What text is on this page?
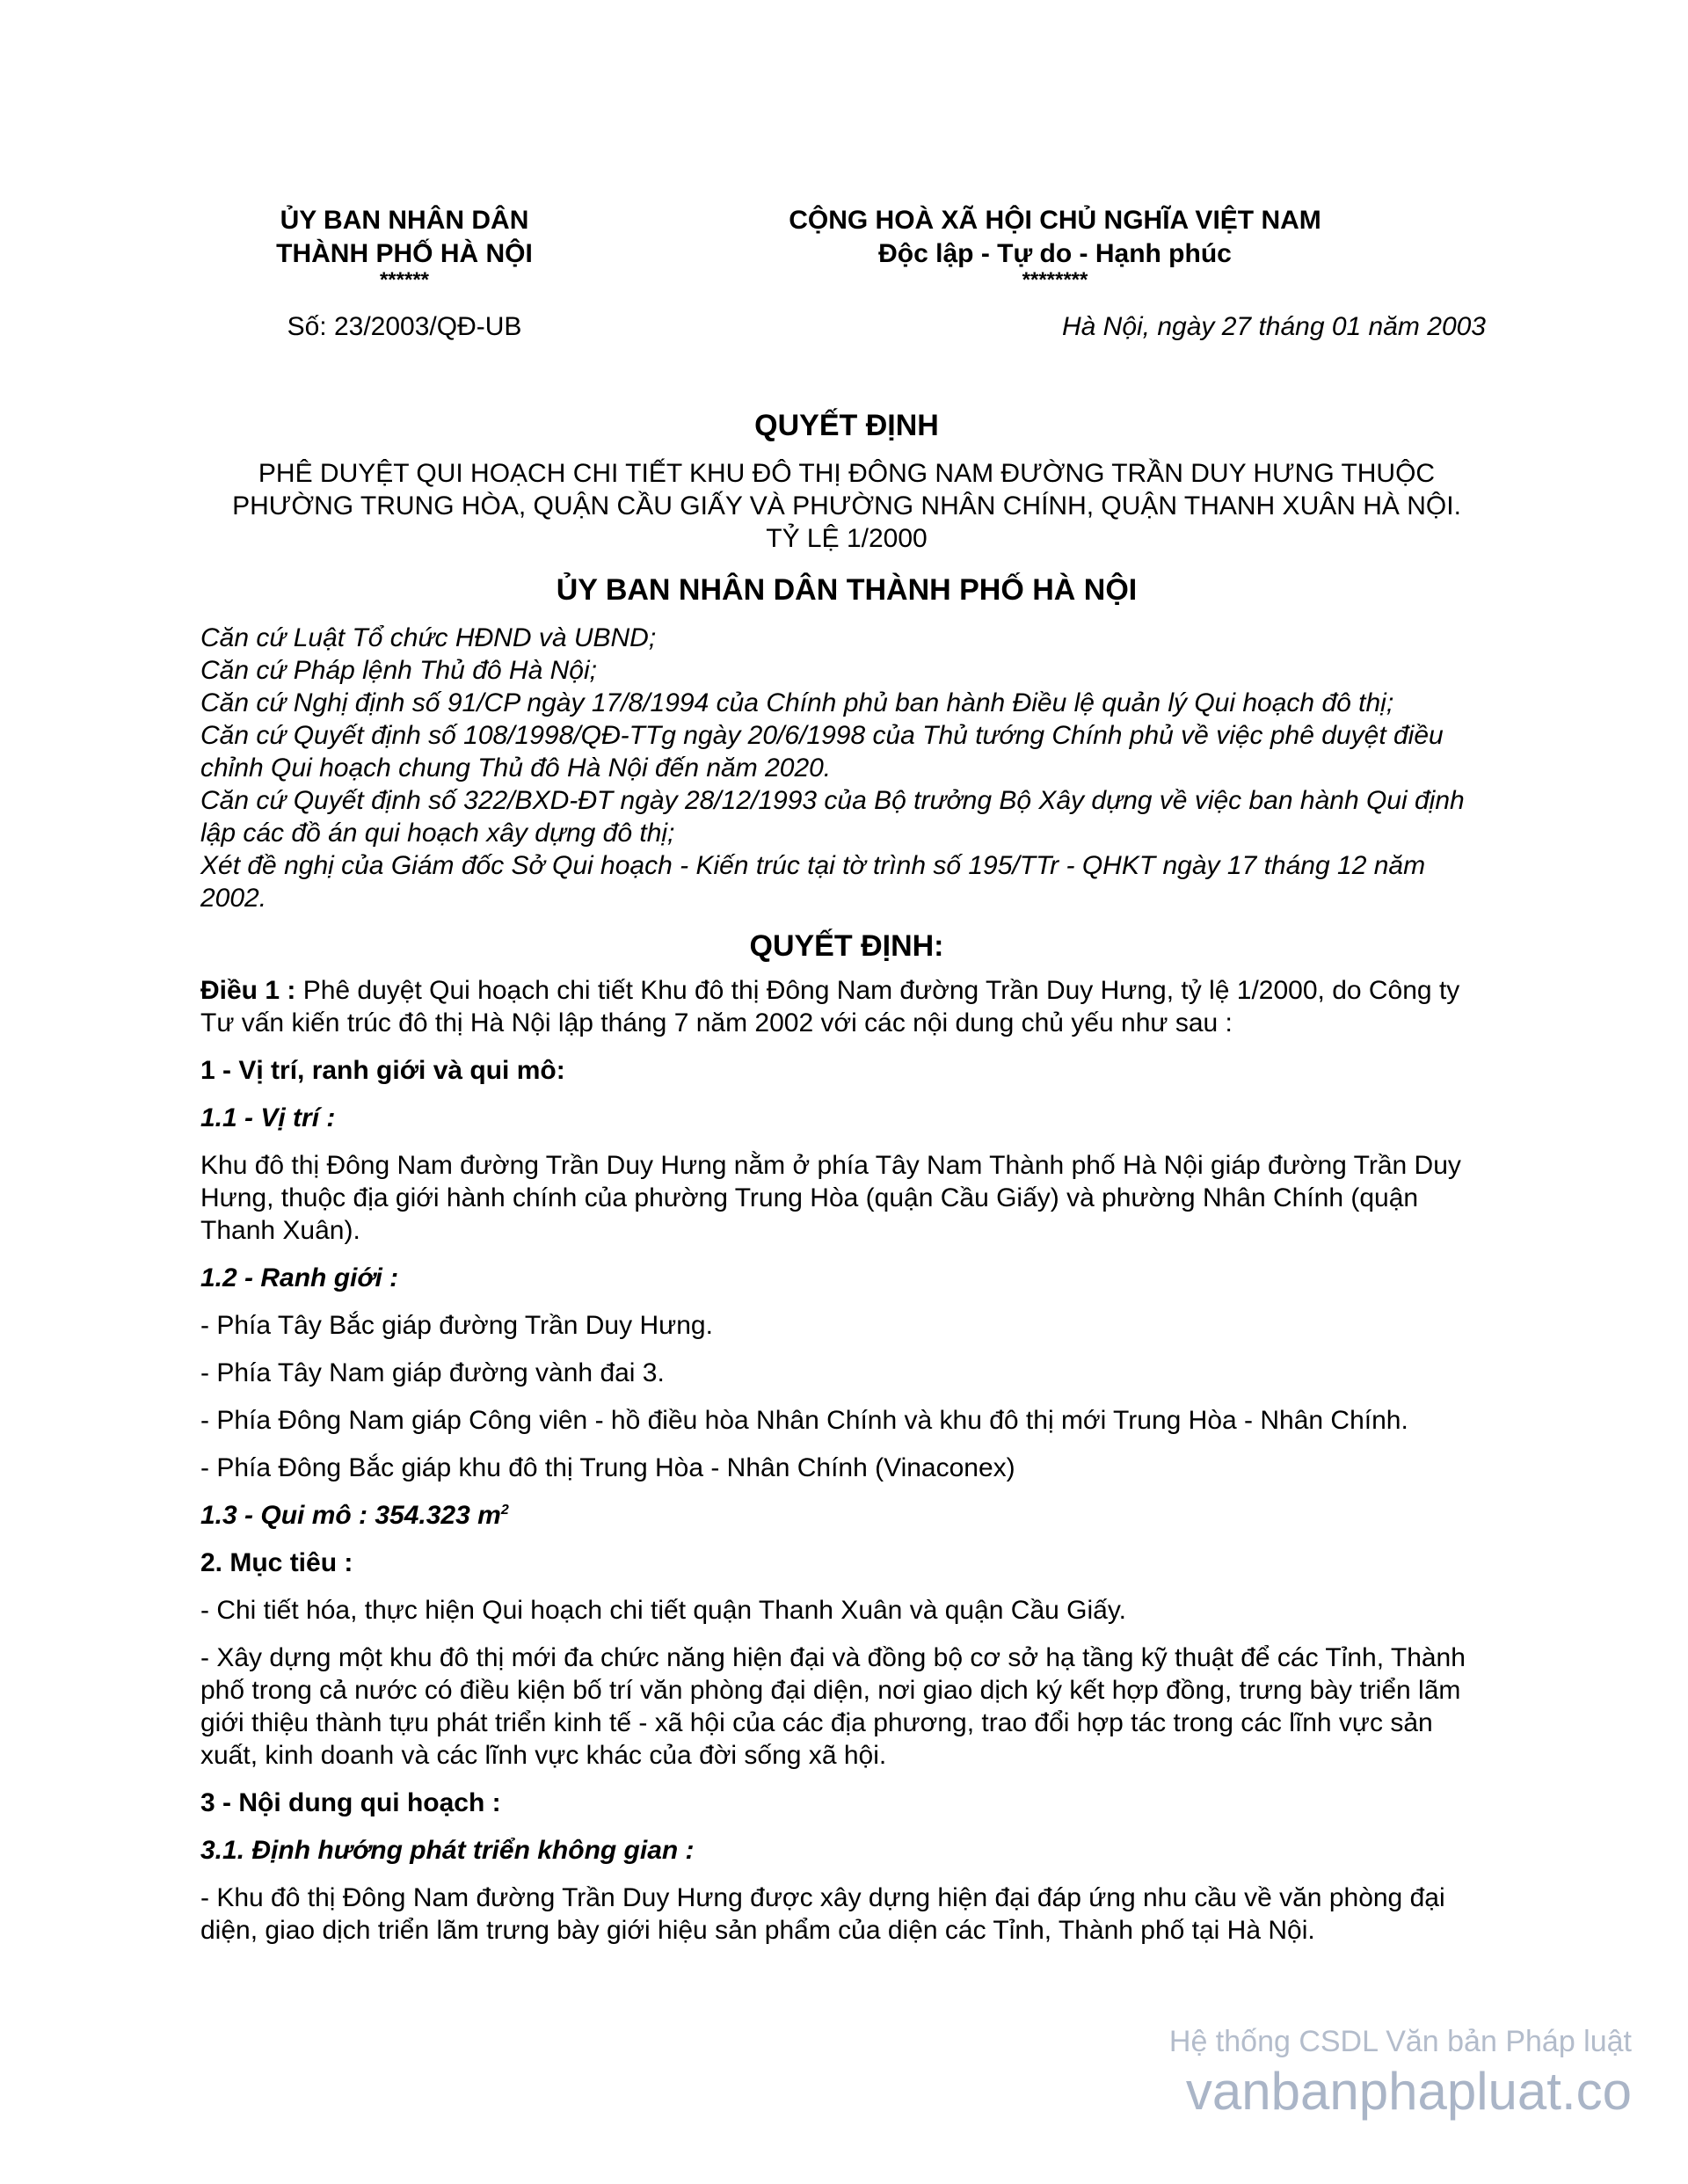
ỦY BAN NHÂN DÂN
THÀNH PHỐ HÀ NỘI
******
CỘNG HOÀ XÃ HỘI CHỦ NGHĨA VIỆT NAM
Độc lập - Tự do - Hạnh phúc
********
Số: 23/2003/QĐ-UB	Hà Nội, ngày 27 tháng 01 năm 2003
QUYẾT ĐỊNH
PHÊ DUYỆT QUI HOẠCH CHI TIẾT KHU ĐÔ THỊ ĐÔNG NAM ĐƯỜNG TRẦN DUY HƯNG THUỘC
PHƯỜNG TRUNG HÒA, QUẬN CẦU GIẤY VÀ PHƯỜNG NHÂN CHÍNH, QUẬN THANH XUÂN HÀ NỘI.
TỶ LỆ 1/2000
ỦY BAN NHÂN DÂN THÀNH PHỐ HÀ NỘI
Căn cứ Luật Tổ chức HĐND và UBND;
Căn cứ Pháp lệnh Thủ đô Hà Nội;
Căn cứ Nghị định số 91/CP ngày 17/8/1994 của Chính phủ ban hành Điều lệ quản lý Qui hoạch đô thị;
Căn cứ Quyết định số 108/1998/QĐ-TTg ngày 20/6/1998 của Thủ tướng Chính phủ về việc phê duyệt điều chỉnh Qui hoạch chung Thủ đô Hà Nội đến năm 2020.
Căn cứ Quyết định số 322/BXD-ĐT ngày 28/12/1993 của Bộ trưởng Bộ Xây dựng về việc ban hành Qui định lập các đồ án qui hoạch xây dựng đô thị;
Xét đề nghị của Giám đốc Sở Qui hoạch - Kiến trúc tại tờ trình số 195/TTr - QHKT ngày 17 tháng 12 năm 2002.
QUYẾT ĐỊNH:

Điều 1 : Phê duyệt Qui hoạch chi tiết Khu đô thị Đông Nam đường Trần Duy Hưng, tỷ lệ 1/2000, do Công ty Tư vấn kiến trúc đô thị Hà Nội lập tháng 7 năm 2002 với các nội dung chủ yếu như sau :

1 - Vị trí, ranh giới và qui mô:

1.1 - Vị trí :

Khu đô thị Đông Nam đường Trần Duy Hưng nằm ở phía Tây Nam Thành phố Hà Nội giáp đường Trần Duy Hưng, thuộc địa giới hành chính của phường Trung Hòa (quận Cầu Giấy) và phường Nhân Chính (quận Thanh Xuân).

1.2 - Ranh giới :

- Phía Tây Bắc giáp đường Trần Duy Hưng.

- Phía Tây Nam giáp đường vành đai 3.

- Phía Đông Nam giáp Công viên - hồ điều hòa Nhân Chính và khu đô thị mới Trung Hòa - Nhân Chính.

- Phía Đông Bắc giáp khu đô thị Trung Hòa - Nhân Chính (Vinaconex)

1.3 - Qui mô : 354.323 $m^2$

2. Mục tiêu :

- Chi tiết hóa, thực hiện Qui hoạch chi tiết quận Thanh Xuân và quận Cầu Giấy.

- Xây dựng một khu đô thị mới đa chức năng hiện đại và đồng bộ cơ sở hạ tầng kỹ thuật để các Tỉnh, Thành phố trong cả nước có điều kiện bố trí văn phòng đại diện, nơi giao dịch ký kết hợp đồng, trưng bày triển lãm giới thiệu thành tựu phát triển kinh tế - xã hội của các địa phương, trao đổi hợp tác trong các lĩnh vực sản xuất, kinh doanh và các lĩnh vực khác của đời sống xã hội.

3 - Nội dung qui hoạch :

3.1. Định hướng phát triển không gian :

- Khu đô thị Đông Nam đường Trần Duy Hưng được xây dựng hiện đại đáp ứng nhu cầu về văn phòng đại diện, giao dịch triển lãm trưng bày giới hiệu sản phẩm của diện các Tỉnh, Thành phố tại Hà Nội.

Hệ thống CSDL Văn bản Pháp luật
vanbanphapluat.co
